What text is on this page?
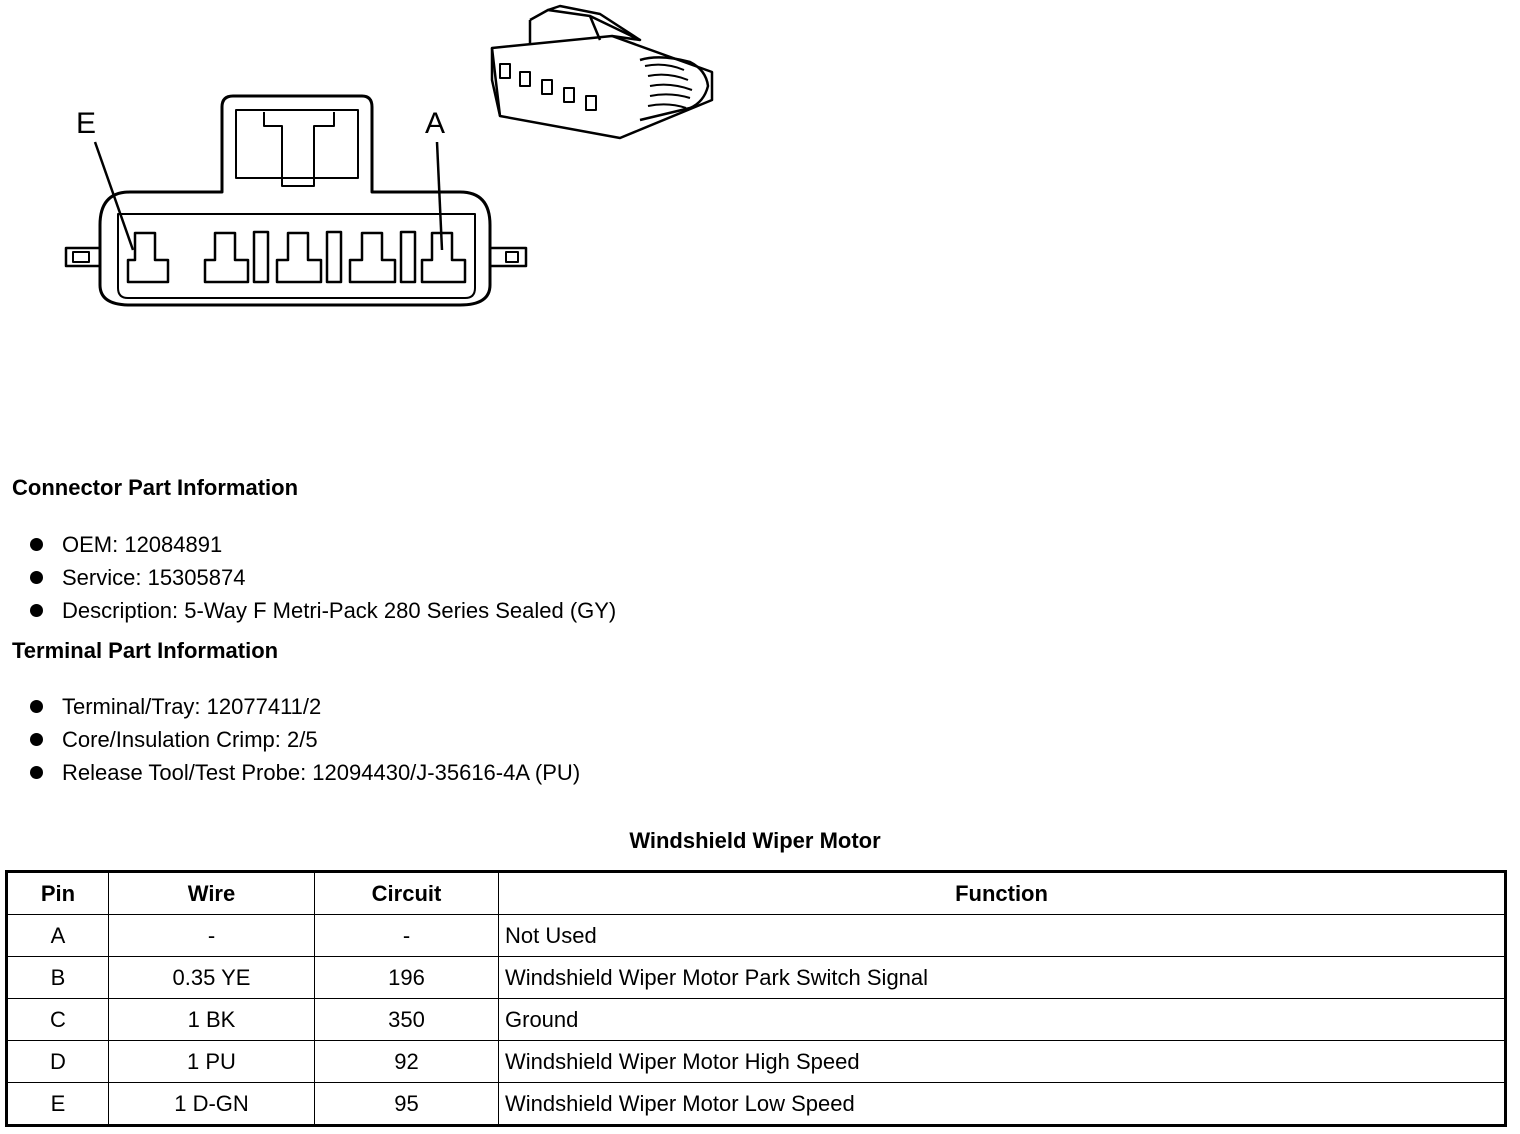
E	A
Connector Part Information
OEM: 12084891
Service: 15305874
Description: 5-Way F Metri-Pack 280 Series Sealed (GY)
Terminal Part Information
Terminal/Tray: 12077411/2
Core/Insulation Crimp: 2/5
Release Tool/Test Probe: 12094430/J-35616-4A (PU)
Windshield Wiper Motor
Pin	Wire	Circuit	Function
A	-	-	Not Used
B	0.35 YE	196	Windshield Wiper Motor Park Switch Signal
C	1 BK	350	Ground
D	1 PU	92	Windshield Wiper Motor High Speed
E	1 D-GN	95	Windshield Wiper Motor Low Speed
